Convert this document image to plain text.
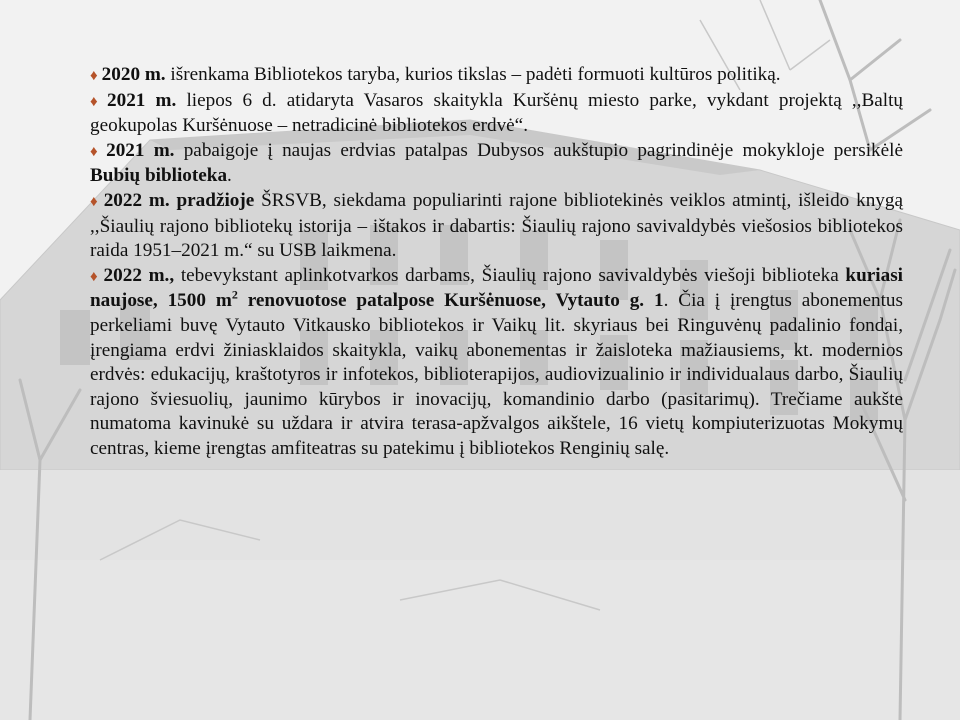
♦ 2020 m. išrenkama Bibliotekos taryba, kurios tikslas – padėti formuoti kultūros politiką.

♦ 2021 m. liepos 6 d. atidaryta Vasaros skaitykla Kuršėnų miesto parke, vykdant projektą ,,Baltų geokupolas Kuršėnuose – netradicinė bibliotekos erdvė“.

♦ 2021 m. pabaigoje į naujas erdvias patalpas Dubysos aukštupio pagrindinėje mokykloje persikėlė Bubių biblioteka.

♦ 2022 m. pradžioje ŠRSVB, siekdama populiarinti rajone bibliotekinės veiklos atmintį, išleido knygą ,,Šiaulių rajono bibliotekų istorija – ištakos ir dabartis: Šiaulių rajono savivaldybės viešosios bibliotekos raida 1951–2021 m.“ su USB laikmena.

♦ 2022 m., tebevykstant aplinkotvarkos darbams, Šiaulių rajono savivaldybės viešoji biblioteka kuriasi naujose, 1500 $m^2$ renovuotose patalpose Kuršėnuose, Vytauto g. 1. Čia į įrengtus abonementus perkeliami buvę Vytauto Vitkausko bibliotekos ir Vaikų lit. skyriaus bei Ringuvėnų padalinio fondai, įrengiama erdvi žiniasklaidos skaitykla, vaikų abonementas ir žaisloteka mažiausiems, kt. modernios erdvės: edukacijų, kraštotyros ir infotekos, biblioterapijos, audiovizualinio ir individualaus darbo, Šiaulių rajono šviesuolių, jaunimo kūrybos ir inovacijų, komandinio darbo (pasitarimų). Trečiame aukšte numatoma kavinukė su uždara ir atvira terasa-apžvalgos aikštele, 16 vietų kompiuterizuotas Mokymų centras, kieme įrengtas amfiteatras su patekimu į bibliotekos Renginių salę.
